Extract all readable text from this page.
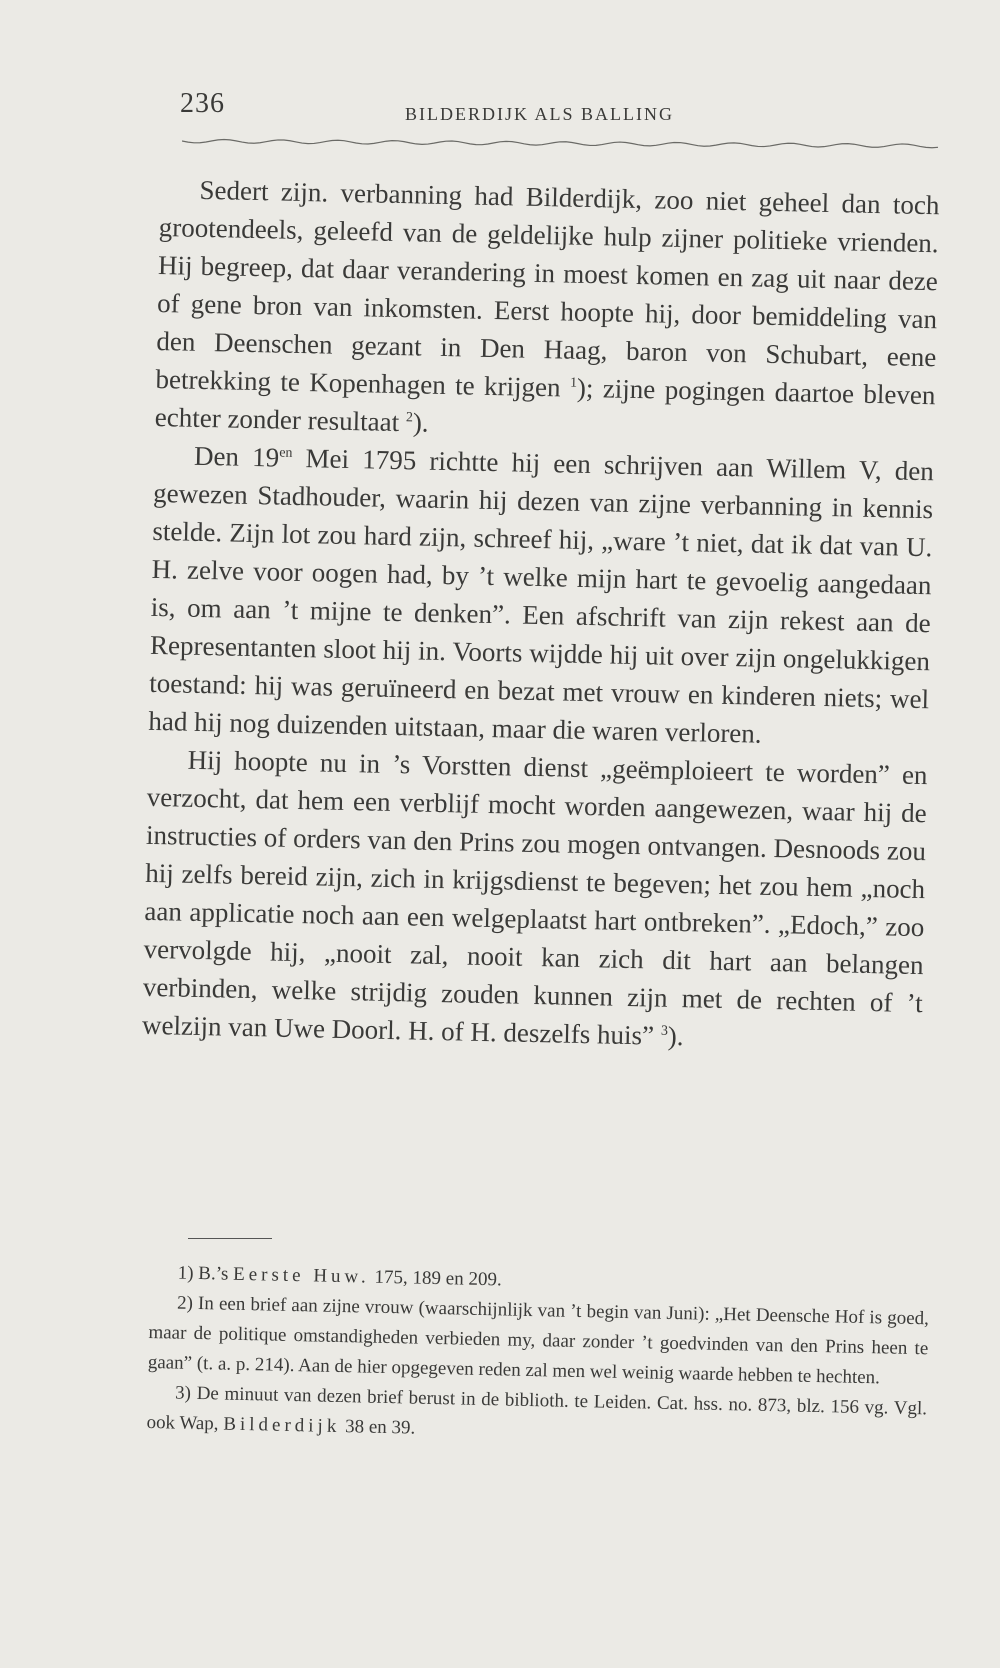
236	BILDERDIJK ALS BALLING

Sedert zijn. verbanning had Bilderdijk, zoo niet geheel dan toch grootendeels, geleefd van de geldelijke hulp zijner politieke vrienden. Hij begreep, dat daar verandering in moest komen en zag uit naar deze of gene bron van inkomsten. Eerst hoopte hij, door bemiddeling van den Deenschen gezant in Den Haag, baron von Schubart, eene betrekking te Kopenhagen te krijgen $^1$); zijne pogingen daartoe bleven echter zonder resultaat $^2$).

Den $19^{en}$ Mei 1795 richtte hij een schrijven aan Willem V, den gewezen Stadhouder, waarin hij dezen van zijne verbanning in kennis stelde. Zijn lot zou hard zijn, schreef hij, „ware ’t niet, dat ik dat van U. H. zelve voor oogen had, by ’t welke mijn hart te gevoelig aangedaan is, om aan ’t mijne te denken”. Een afschrift van zijn rekest aan de Representanten sloot hij in. Voorts wijdde hij uit over zijn ongelukkigen toestand: hij was geruïneerd en bezat met vrouw en kinderen niets; wel had hij nog duizenden uitstaan, maar die waren verloren.

Hij hoopte nu in ’s Vorstten dienst „geëmploieert te worden” en verzocht, dat hem een verblijf mocht worden aangewezen, waar hij de instructies of orders van den Prins zou mogen ontvangen. Desnoods zou hij zelfs bereid zijn, zich in krijgsdienst te begeven; het zou hem „noch aan applicatie noch aan een welgeplaatst hart ontbreken”. „Edoch,” zoo vervolgde hij, „nooit zal, nooit kan zich dit hart aan belangen verbinden, welke strijdig zouden kunnen zijn met de rechten of ’t welzijn van Uwe Doorl. H. of H. deszelfs huis” $^3$).

1) B.’s Eerste Huw. 175, 189 en 209.

2) In een brief aan zijne vrouw (waarschijnlijk van ’t begin van Juni): „Het Deensche Hof is goed, maar de politique omstandigheden verbieden my, daar zonder ’t goedvinden van den Prins heen te gaan” (t. a. p. 214). Aan de hier opgegeven reden zal men wel weinig waarde hebben te hechten.

3) De minuut van dezen brief berust in de biblioth. te Leiden. Cat. hss. no. 873, blz. 156 vg. Vgl. ook Wap, Bilderdijk 38 en 39.
